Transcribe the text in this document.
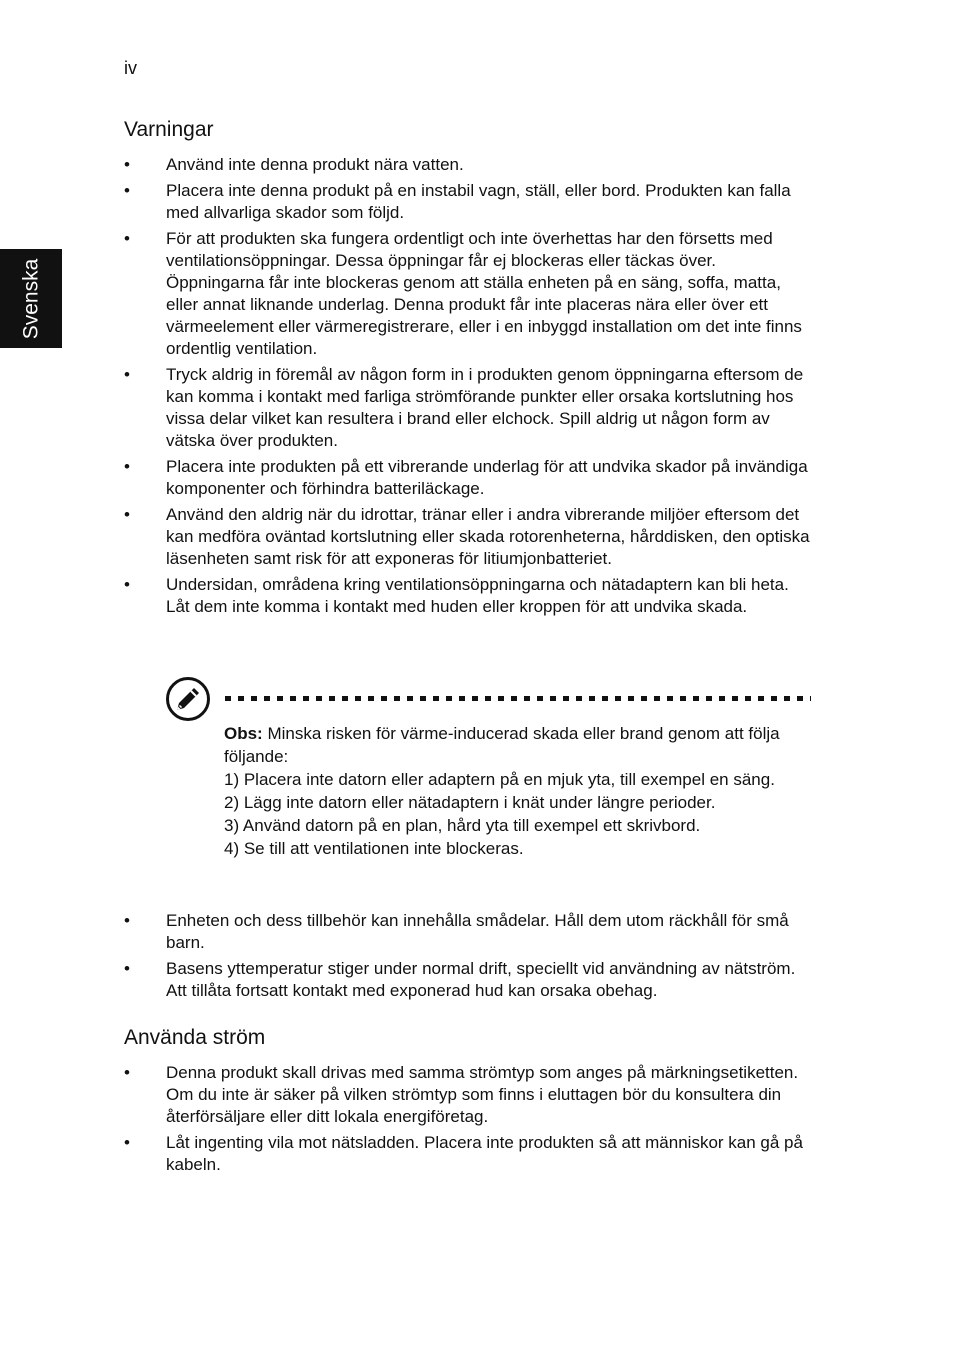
iv
Svenska
Varningar
• Använd inte denna produkt nära vatten.
• Placera inte denna produkt på en instabil vagn, ställ, eller bord. Produkten kan falla med allvarliga skador som följd.
• För att produkten ska fungera ordentligt och inte överhettas har den försetts med ventilationsöppningar. Dessa öppningar får ej blockeras eller täckas över. Öppningarna får inte blockeras genom att ställa enheten på en säng, soffa, matta, eller annat liknande underlag. Denna produkt får inte placeras nära eller över ett värmeelement eller värmeregistrerare, eller i en inbyggd installation om det inte finns ordentlig ventilation.
• Tryck aldrig in föremål av någon form in i produkten genom öppningarna eftersom de kan komma i kontakt med farliga strömförande punkter eller orsaka kortslutning hos vissa delar vilket kan resultera i brand eller elchock. Spill aldrig ut någon form av vätska över produkten.
• Placera inte produkten på ett vibrerande underlag för att undvika skador på invändiga komponenter och förhindra batteriläckage.
• Använd den aldrig när du idrottar, tränar eller i andra vibrerande miljöer eftersom det kan medföra oväntad kortslutning eller skada rotorenheterna, hårddisken, den optiska läsenheten samt risk för att exponeras för litiumjonbatteriet.
• Undersidan, områdena kring ventilationsöppningarna och nätadaptern kan bli heta. Låt dem inte komma i kontakt med huden eller kroppen för att undvika skada.

Obs: Minska risken för värme-inducerad skada eller brand genom att följa följande:

1) Placera inte datorn eller adaptern på en mjuk yta, till exempel en säng.

2) Lägg inte datorn eller nätadaptern i knät under längre perioder.

3) Använd datorn på en plan, hård yta till exempel ett skrivbord.

4) Se till att ventilationen inte blockeras.

• Enheten och dess tillbehör kan innehålla smådelar. Håll dem utom räckhåll för små barn.
• Basens yttemperatur stiger under normal drift, speciellt vid användning av nätström. Att tillåta fortsatt kontakt med exponerad hud kan orsaka obehag.
Använda ström
• Denna produkt skall drivas med samma strömtyp som anges på märkningsetiketten. Om du inte är säker på vilken strömtyp som finns i eluttagen bör du konsultera din återförsäljare eller ditt lokala energiföretag.
• Låt ingenting vila mot nätsladden. Placera inte produkten så att människor kan gå på kabeln.
